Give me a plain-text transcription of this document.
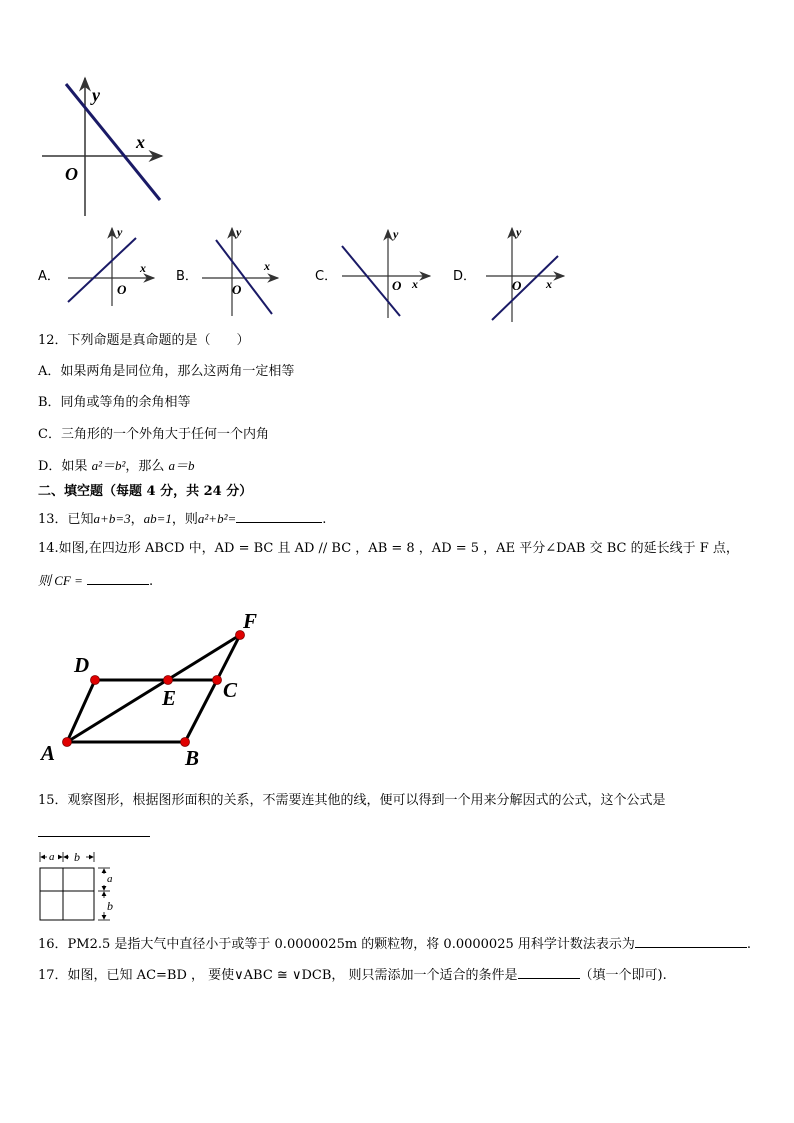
y
x
O
A．
y
x
O
B．
y
x
O
C．
y
x
O
D．
y
x
O
12．下列命题是真命题的是（　　）
A．如果两角是同位角，那么这两角一定相等
B．同角或等角的余角相等
C．三角形的一个外角大于任何一个内角
D．如果 a²＝b²，那么 a＝b
二、填空题（每题 4 分，共 24 分）
13．已知a+b=3，ab=1，则a²+b²=	.
14.如图,在四边形 ABCD 中，AD = BC 且 AD // BC ，AB = 8 ，AD = 5 ，AE 平分∠DAB 交 BC 的延长线于 F 点，
则 CF =	.
F
D
E C
A	B
15．观察图形，根据图形面积的关系，不需要连其他的线，便可以得到一个用来分解因式的公式，这个公式是
a b
a
b
16．PM2.5 是指大气中直径小于或等于 0.0000025m 的颗粒物，将 0.0000025 用科学计数法表示为	.
17．如图，已知 AC=BD ， 要使∨ABC ≅ ∨DCB， 则只需添加一个适合的条件是	（填一个即可).
